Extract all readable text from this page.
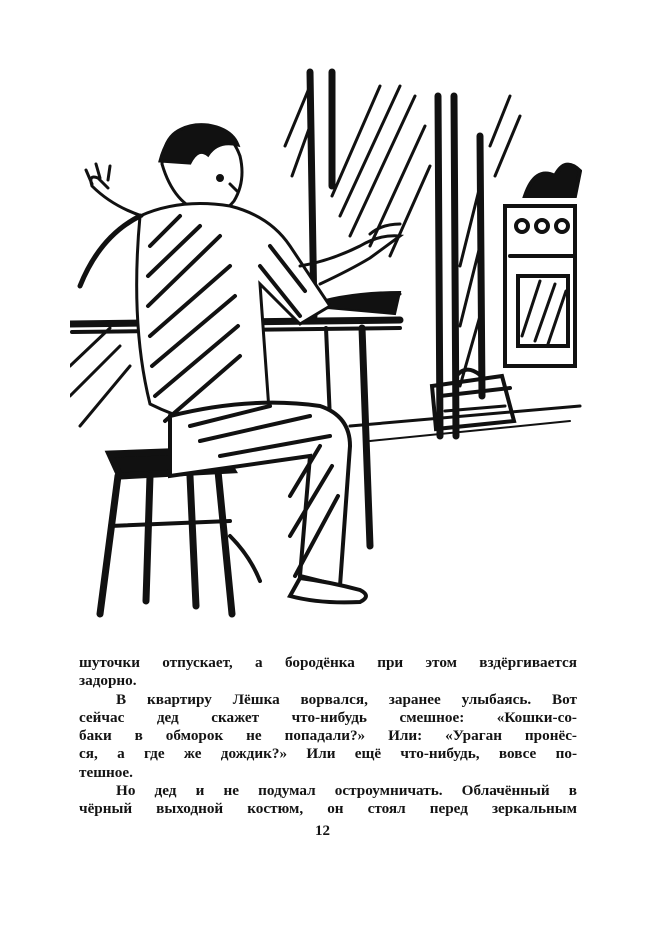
шуточки отпускает, а бородёнка при этом вздёргивается
задорно.
В квартиру Лёшка ворвался, заранее улыбаясь. Вот
сейчас дед скажет что-нибудь смешное: «Кошки-со-
баки в обморок не попадали?» Или: «Ураган пронёс-
ся, а где же дождик?» Или ещё что-нибудь, вовсе по-
тешное.
Но дед и не подумал остроумничать. Облачённый в
чёрный выходной костюм, он стоял перед зеркальным
12
